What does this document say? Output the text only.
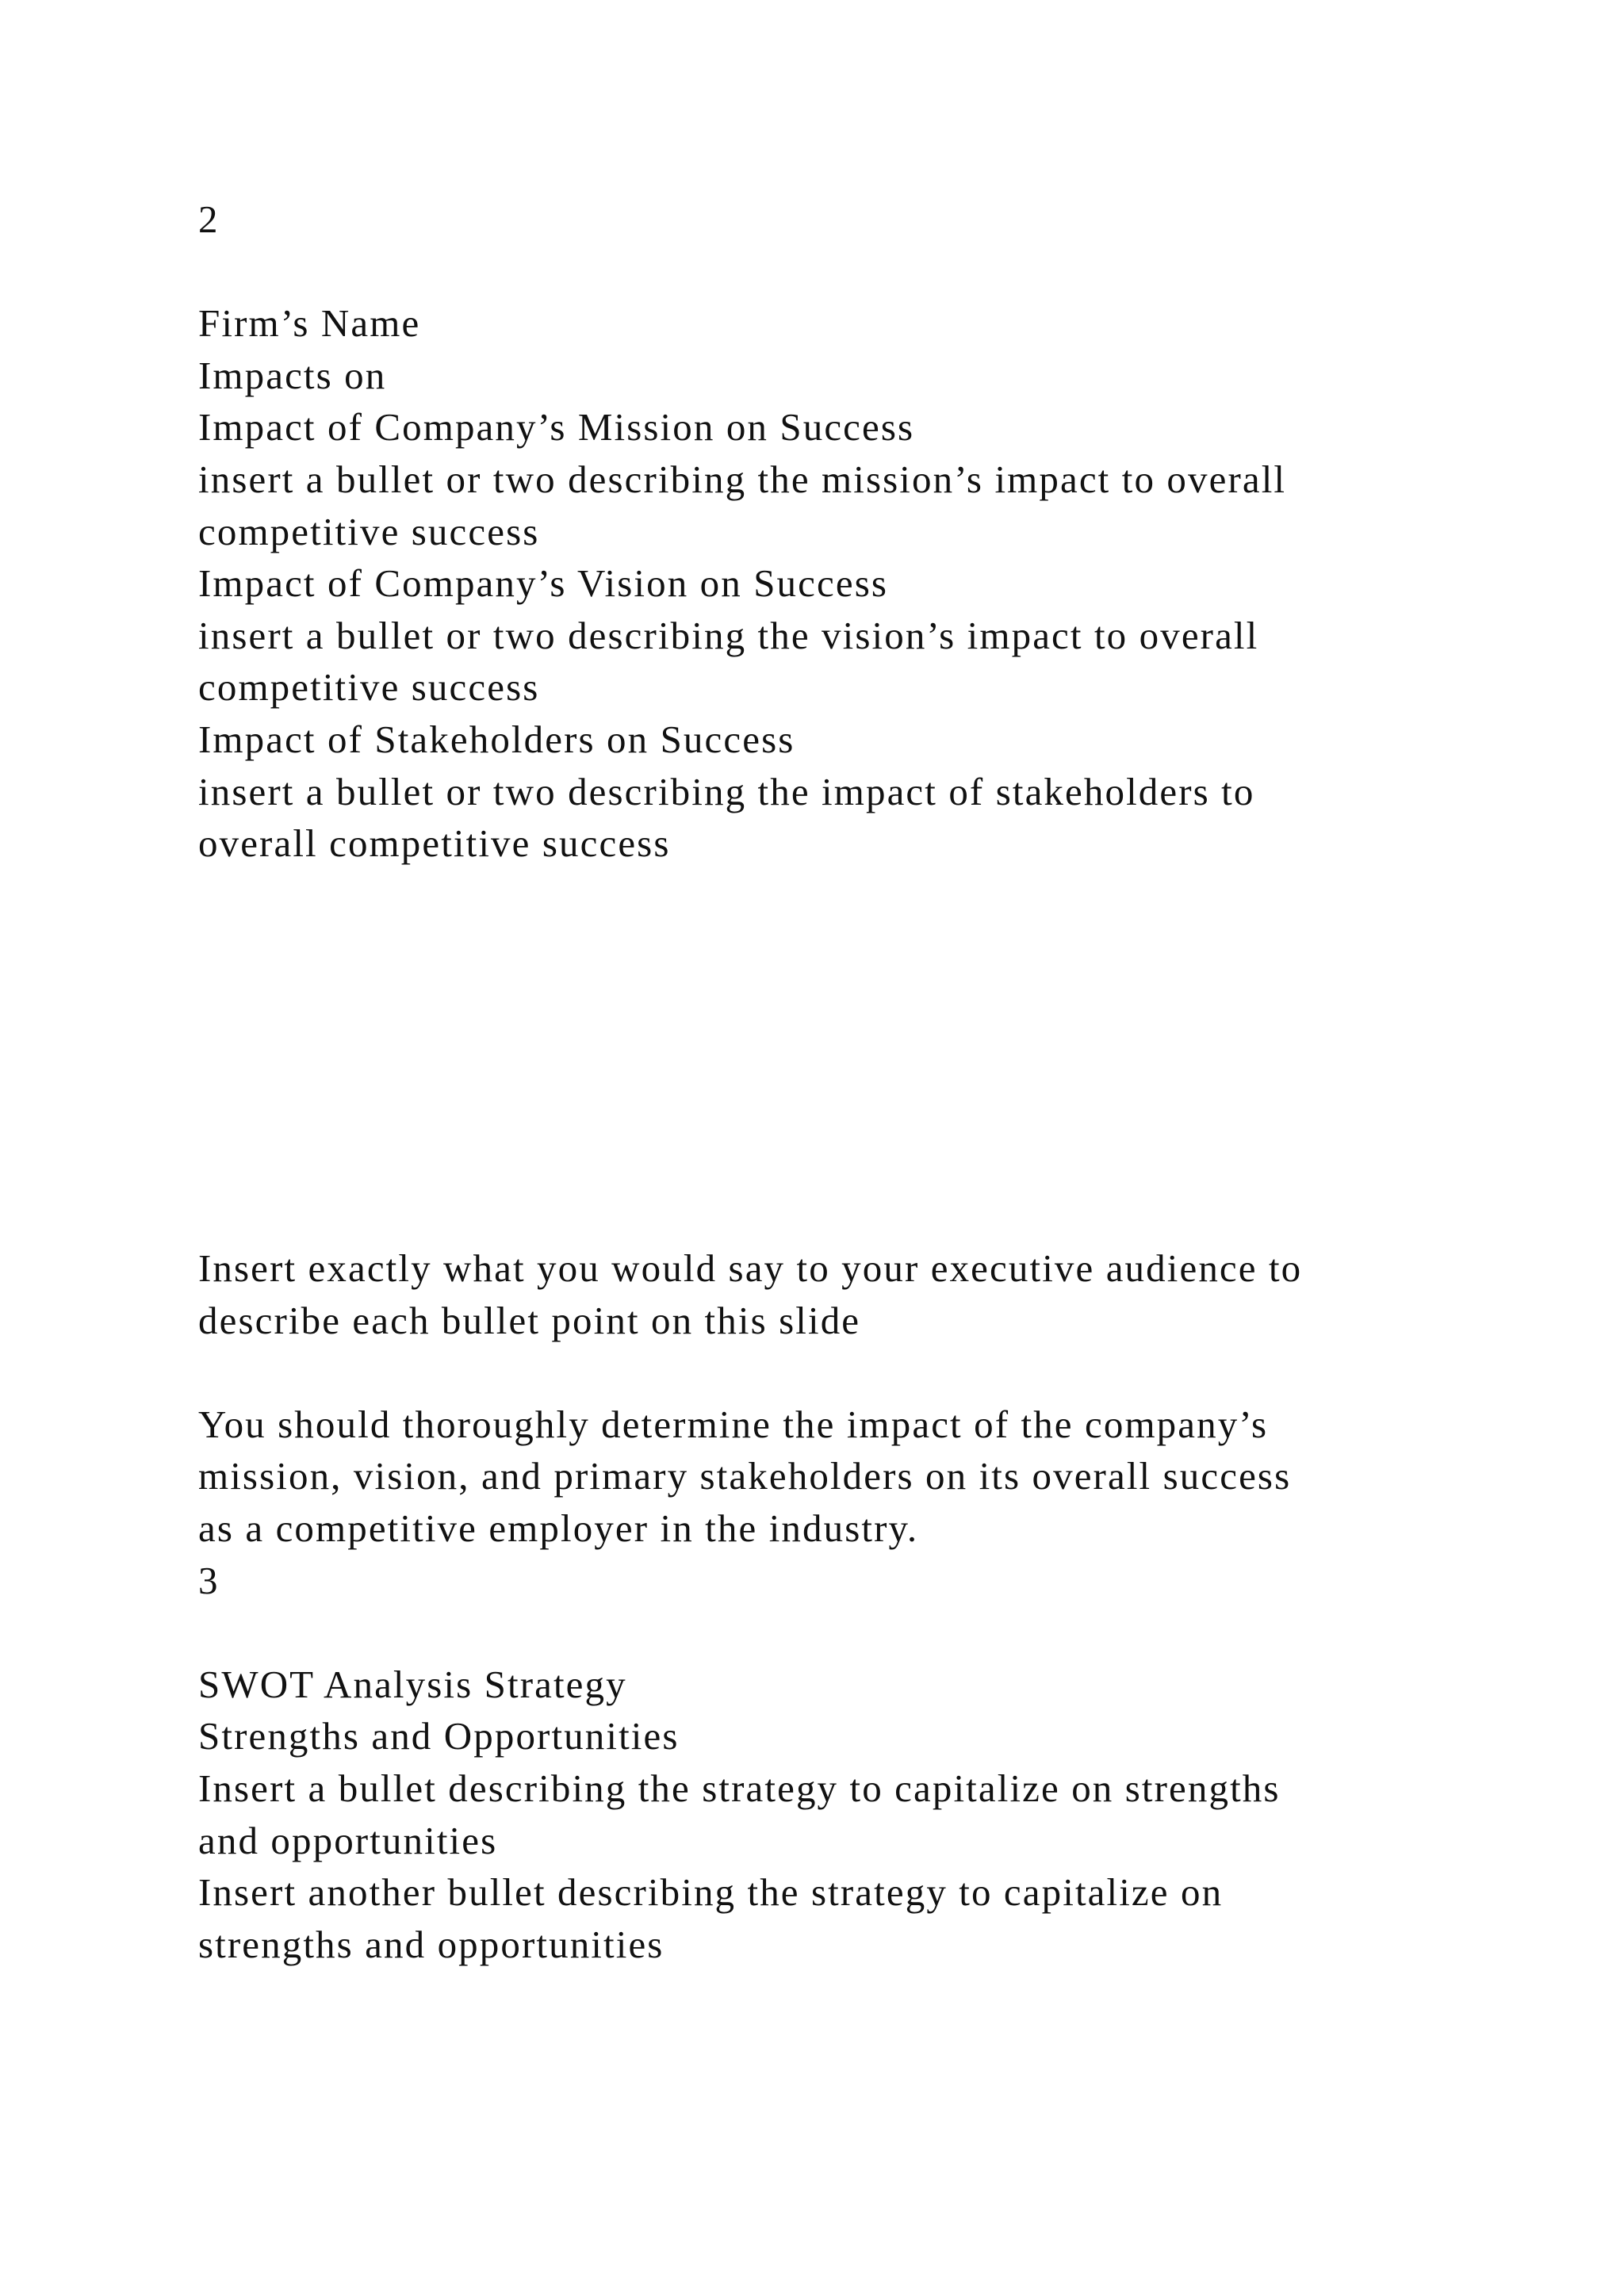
2
Firm’s Name
Impacts on
Impact of Company’s Mission on Success
insert a bullet or two describing the mission’s impact to overall
competitive success
Impact of Company’s Vision on Success
insert a bullet or two describing the vision’s impact to overall
competitive success
Impact of Stakeholders on Success
insert a bullet or two describing the impact of stakeholders to
overall competitive success
Insert exactly what you would say to your executive audience to
describe each bullet point on this slide
You should thoroughly determine the impact of the company’s
mission, vision, and primary stakeholders on its overall success
as a competitive employer in the industry.
3
SWOT Analysis Strategy
Strengths and Opportunities
Insert a bullet describing the strategy to capitalize on strengths
and opportunities
Insert another bullet describing the strategy to capitalize on
strengths and opportunities
